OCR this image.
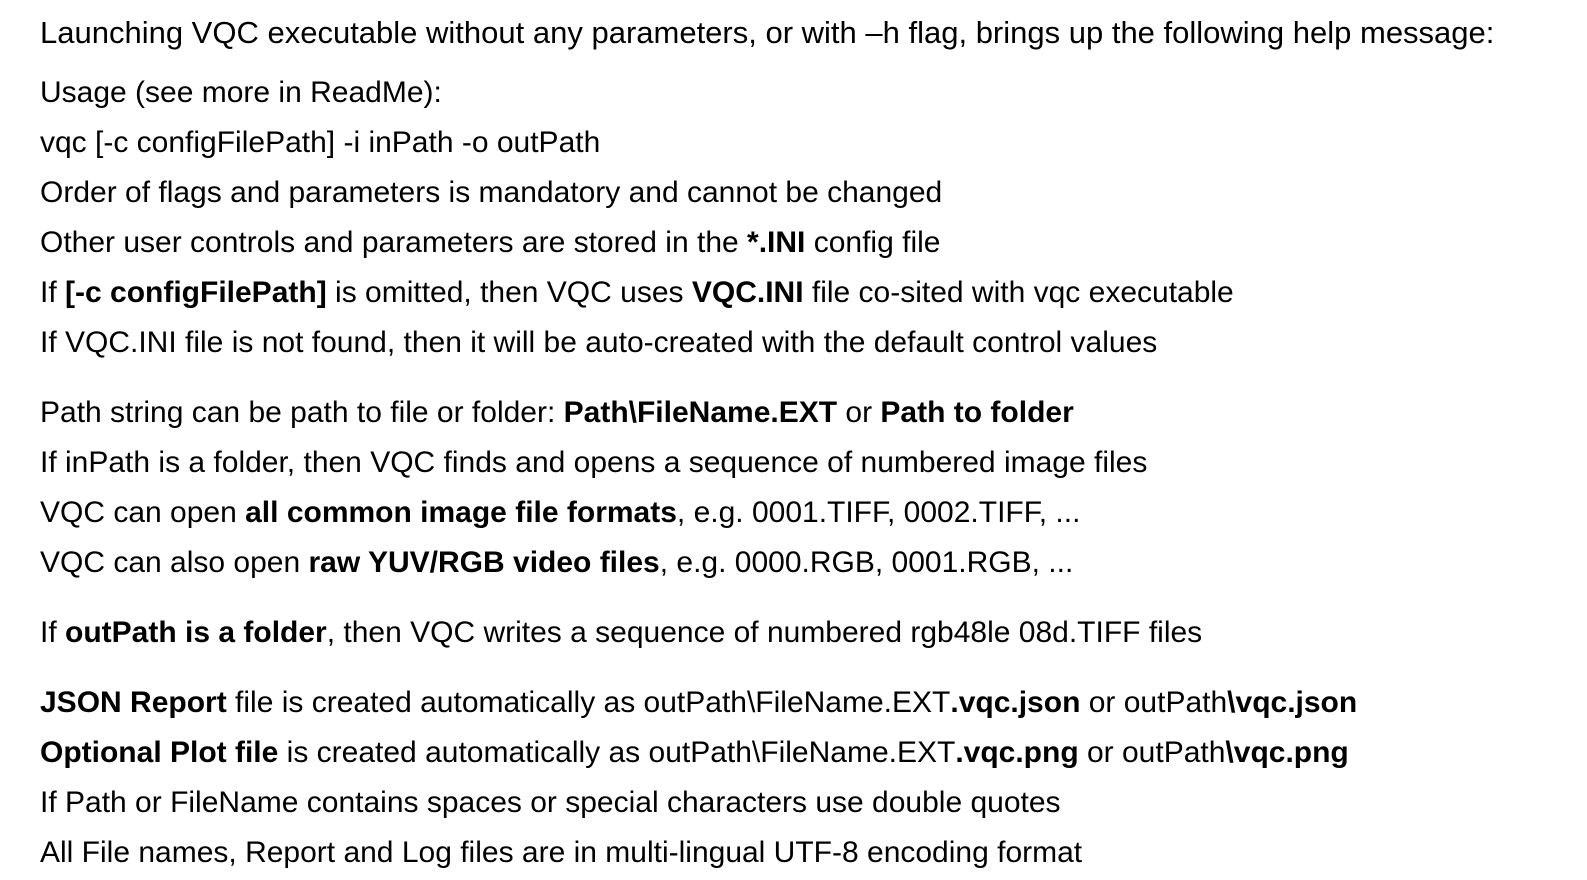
Launching VQC executable without any parameters, or with –h flag, brings up the following help message:
Usage (see more in ReadMe):
vqc [-c configFilePath] -i inPath -o outPath
Order of flags and parameters is mandatory and cannot be changed
Other user controls and parameters are stored in the *.INI config file
If [-c configFilePath] is omitted, then VQC uses VQC.INI file co-sited with vqc executable
If VQC.INI file is not found, then it will be auto-created with the default control values
Path string can be path to file or folder: Path\FileName.EXT or Path to folder
If inPath is a folder, then VQC finds and opens a sequence of numbered image files
VQC can open all common image file formats, e.g. 0001.TIFF, 0002.TIFF, ...
VQC can also open raw YUV/RGB video files, e.g. 0000.RGB, 0001.RGB, ...
If outPath is a folder, then VQC writes a sequence of numbered rgb48le 08d.TIFF files
JSON Report file is created automatically as outPath\FileName.EXT.vqc.json or outPath\vqc.json
Optional Plot file is created automatically as outPath\FileName.EXT.vqc.png or outPath\vqc.png
If Path or FileName contains spaces or special characters use double quotes
All File names, Report and Log files are in multi-lingual UTF-8 encoding format
